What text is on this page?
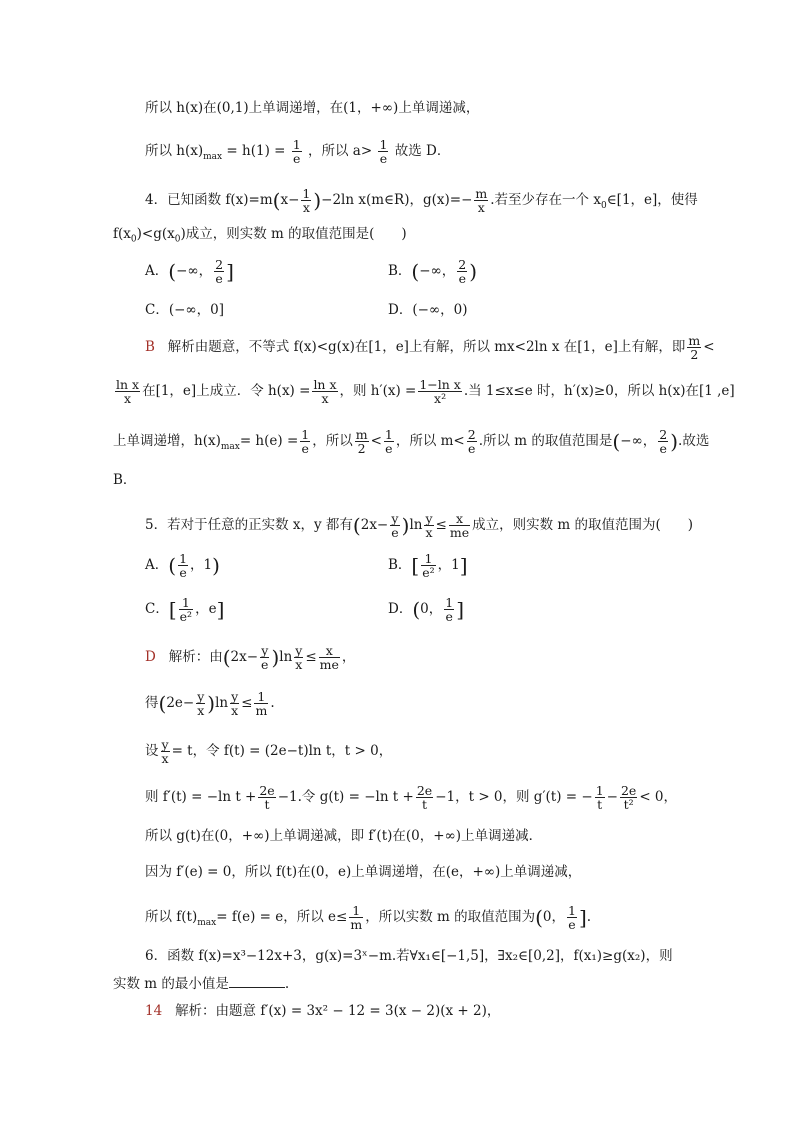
所以 h(x)在(0,1)上单调递增，在(1，+∞)上单调递减，
所以 $h(x)_{max} = h(1) = \frac{1}{e}$ ，所以 $a> \frac{1}{e}$ 故选 D．
4．已知函数 $f(x)=m(x- \frac{1}{x} )-2\ln$ x(m∈R)，$g(x)=- \frac{m}{x}$ .若至少存在一个 $x_0\in[1$，e]，使得
$f(x_0)<g(x_0)$成立，则实数 m 的取值范围是(　　)
A．(−∞， $\frac{2}{e}$ ]	B．(−∞， $\frac{2}{e}$ )
C．(−∞，0]	D．(−∞，0)
B 解析由题意，不等式 f(x)<g(x)在[1，e]上有解，所以 mx<2ln x 在[1，e]上有解，即 $\frac{m}{2}$ <
$\frac{\text{ln x}}{x}$ 在[1，e]上成立．令 $h(x) = \frac{\text{ln x}}{x}$ ，则 $h'(x) = \frac{\text{1−ln x}}{\text{x²}}$ .当 1≤x≤e 时，h′(x)≥0，所以 h(x)在[1 ,e]
上单调递增，$h(x)_{max}= h(e) = \frac{1}{e}$ ，所以 $\frac{m}{2} < \frac{1}{e}$ ，所以 $m< \frac{2}{e}$ .所以 m 的取值范围是(−∞， $\frac{2}{e}$ ).故选
B．
5．若对于任意的正实数 x，y 都有$(2x- \frac{y}{e} )\ln \frac{y}{x} \le \frac{x}{me}$ 成立，则实数 m 的取值范围为(　　)
A．( $\frac{1}{e}$ ，1)	B．[ $\frac{1}{\text{e²}}$ ，1]
C．[ $\frac{1}{\text{e²}}$ ，e]	D．(0， $\frac{1}{e}$ ]
D 解析：由$(2x- \frac{y}{e} )\ln \frac{y}{x} \le \frac{x}{me}$ ，
得$(2e- \frac{y}{x} )\ln \frac{y}{x} \le \frac{1}{m}$ .
设 $\frac{y}{x} = t$，令 f(t) = (2e−t)ln t，t > 0，
则 f′(t) = −ln $t + \frac{2e}{t} -1$.令 g(t) = −ln $t + \frac{2e}{t} -1$，t > 0，则 g′(t) = − $\frac{1}{t} - \frac{2e}{\text{t²}} < 0$，
所以 g(t)在(0，+∞)上单调递减，即 f′(t)在(0，+∞)上单调递减．
因为 f′(e) = 0，所以 f(t)在(0，e)上单调递增，在(e，+∞)上单调递减，
所以 $f(t)_{max}= f(e) = e$，所以 $e\le \frac{1}{m}$ ，所以实数 m 的取值范围为(0， $\frac{1}{e}$ ].
6．函数 f(x)=x³−12x+3，g(x)=3ˣ−m.若∀x₁∈[−1,5]，∃x₂∈[0,2]，f(x₁)≥g(x₂)，则
实数 m 的最小值是	.
14 解析：由题意 f′(x) = 3x² − 12 = 3(x − 2)(x + 2)，
